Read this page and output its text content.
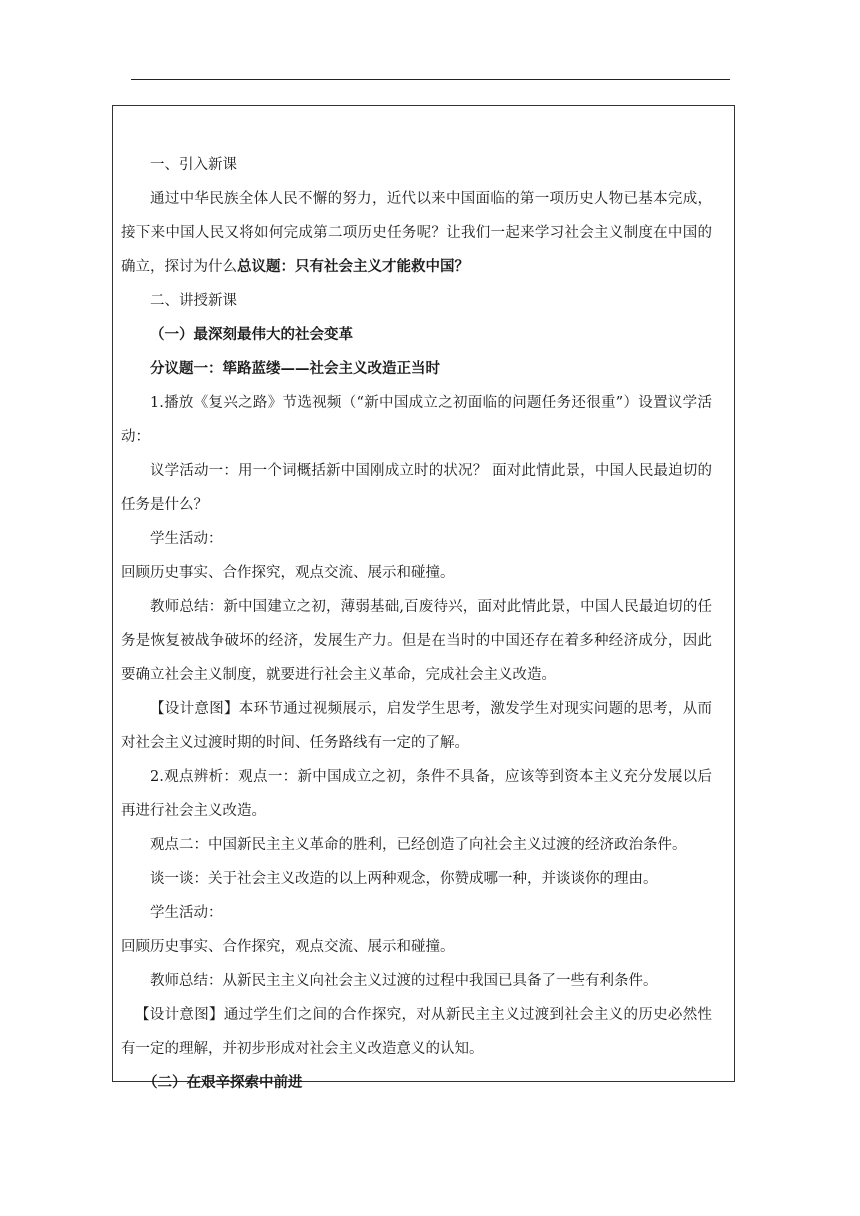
一、引入新课

通过中华民族全体人民不懈的努力，近代以来中国面临的第一项历史人物已基本完成，接下来中国人民又将如何完成第二项历史任务呢？让我们一起来学习社会主义制度在中国的确立，探讨为什么总议题：只有社会主义才能救中国？

二、讲授新课

（一）最深刻最伟大的社会变革

分议题一：筚路蓝缕——社会主义改造正当时

1.播放《复兴之路》节选视频（“新中国成立之初面临的问题任务还很重”）设置议学活动：

议学活动一：用一个词概括新中国刚成立时的状况？ 面对此情此景，中国人民最迫切的任务是什么？

学生活动：

回顾历史事实、合作探究，观点交流、展示和碰撞。

教师总结：新中国建立之初，薄弱基础,百废待兴，面对此情此景，中国人民最迫切的任务是恢复被战争破坏的经济，发展生产力。但是在当时的中国还存在着多种经济成分，因此要确立社会主义制度，就要进行社会主义革命，完成社会主义改造。

【设计意图】本环节通过视频展示，启发学生思考，激发学生对现实问题的思考，从而对社会主义过渡时期的时间、任务路线有一定的了解。

2.观点辨析：观点一：新中国成立之初，条件不具备，应该等到资本主义充分发展以后再进行社会主义改造。

观点二：中国新民主主义革命的胜利，已经创造了向社会主义过渡的经济政治条件。

谈一谈：关于社会主义改造的以上两种观念，你赞成哪一种，并谈谈你的理由。

学生活动：

回顾历史事实、合作探究，观点交流、展示和碰撞。

教师总结：从新民主主义向社会主义过渡的过程中我国已具备了一些有利条件。

【设计意图】通过学生们之间的合作探究，对从新民主主义过渡到社会主义的历史必然性有一定的理解，并初步形成对社会主义改造意义的认知。

（二）在艰辛探索中前进
